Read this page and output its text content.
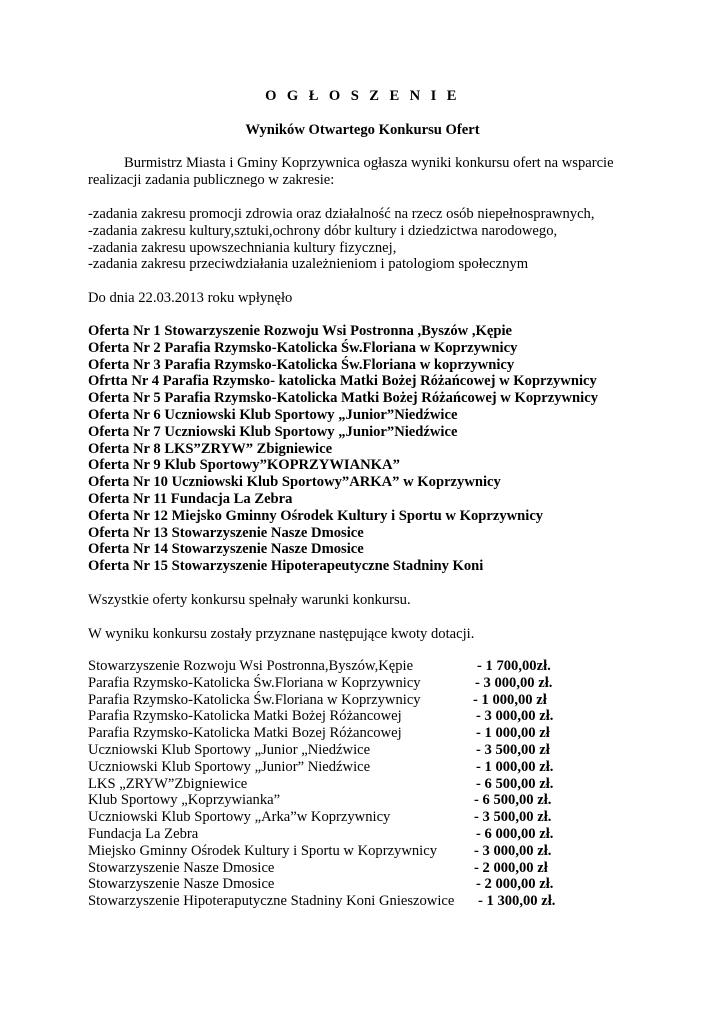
O G Ł O S Z E N I E
Wyników Otwartego Konkursu Ofert
Burmistrz Miasta i Gminy Koprzywnica ogłasza wyniki konkursu ofert na wsparcie
realizacji zadania publicznego w zakresie:
-zadania zakresu promocji zdrowia oraz działalność na rzecz osób niepełnosprawnych,
-zadania zakresu kultury,sztuki,ochrony dóbr kultury i dziedzictwa narodowego,
-zadania zakresu upowszechniania kultury fizycznej,
-zadania zakresu przeciwdziałania uzależnieniom i patologiom społecznym
Do dnia 22.03.2013 roku wpłynęło
Oferta Nr 1 Stowarzyszenie Rozwoju Wsi Postronna ,Byszów ,Kępie
Oferta Nr 2 Parafia Rzymsko-Katolicka Św.Floriana w Koprzywnicy
Oferta Nr 3 Parafia Rzymsko-Katolicka Św.Floriana w koprzywnicy
Ofrtta Nr 4 Parafia Rzymsko- katolicka Matki Bożej Różańcowej w Koprzywnicy
Oferta Nr 5 Parafia Rzymsko-Katolicka Matki Bożej Różańcowej w Koprzywnicy
Oferta Nr 6 Uczniowski Klub Sportowy „Junior”Niedźwice
Oferta Nr 7 Uczniowski Klub Sportowy „Junior”Niedźwice
Oferta Nr 8 LKS”ZRYW” Zbigniewice
Oferta Nr 9 Klub Sportowy”KOPRZYWIANKA”
Oferta Nr 10 Uczniowski Klub Sportowy”ARKA” w Koprzywnicy
Oferta Nr 11 Fundacja La Zebra
Oferta Nr 12 Miejsko Gminny Ośrodek Kultury i Sportu w Koprzywnicy
Oferta Nr 13 Stowarzyszenie Nasze Dmosice
Oferta Nr 14 Stowarzyszenie Nasze Dmosice
Oferta Nr 15 Stowarzyszenie Hipoterapeutyczne Stadniny Koni
Wszystkie oferty konkursu spełnały warunki konkursu.
W wyniku konkursu zostały przyznane następujące kwoty dotacji.
Stowarzyszenie Rozwoju Wsi Postronna,Byszów,Kępie	- 1 700,00zł.
Parafia Rzymsko-Katolicka Św.Floriana w Koprzywnicy	- 3 000,00 zł.
Parafia Rzymsko-Katolicka Św.Floriana w Koprzywnicy	- 1 000,00 zł
Parafia Rzymsko-Katolicka Matki Bożej Różancowej	- 3 000,00 zł.
Parafia Rzymsko-Katolicka Matki Bozej Różancowej	- 1 000,00 zł
Uczniowski Klub Sportowy „Junior „Niedźwice	- 3 500,00 zł
Uczniowski Klub Sportowy „Junior” Niedźwice	- 1 000,00 zł.
LKS „ZRYW”Zbigniewice	- 6 500,00 zł.
Klub Sportowy „Koprzywianka”	- 6 500,00 zł.
Uczniowski Klub Sportowy „Arka”w Koprzywnicy	- 3 500,00 zł.
Fundacja La Zebra	- 6 000,00 zł.
Miejsko Gminny Ośrodek Kultury i Sportu w Koprzywnicy	- 3 000,00 zł.
Stowarzyszenie Nasze Dmosice	- 2 000,00 zł
Stowarzyszenie Nasze Dmosice	- 2 000,00 zł.
Stowarzyszenie Hipoteraputyczne Stadniny Koni Gnieszowice - 1 300,00 zł.
